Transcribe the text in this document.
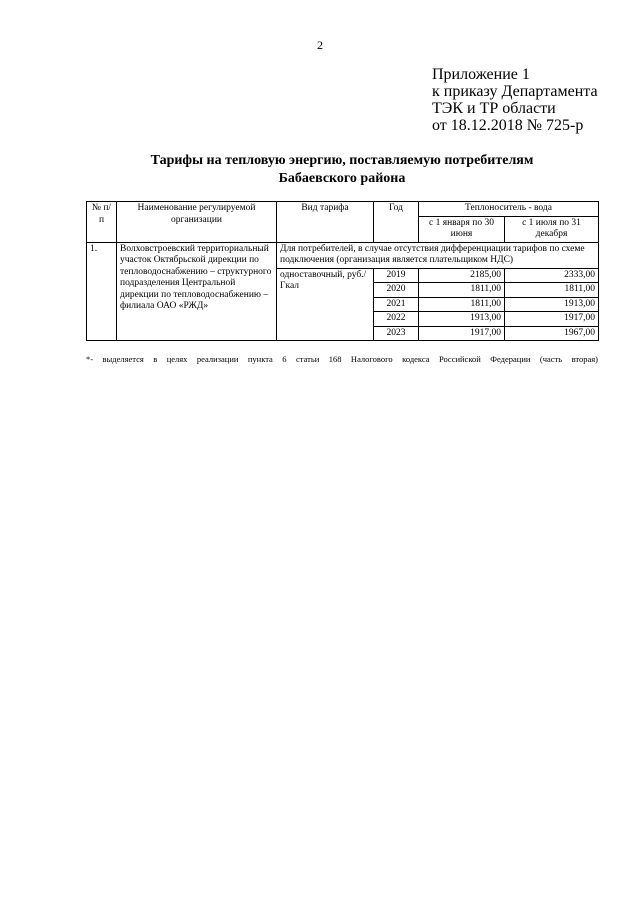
2
Приложение 1
к приказу Департамента
ТЭК и ТР области
от 18.12.2018 № 725-р
Тарифы на тепловую энергию, поставляемую потребителям
Бабаевского района
№ п/п	Наименование регулируемой организации	Вид тарифа	Год	Теплоноситель - вода	
				с 1 января по 30 июня	с 1 июля по 31 декабря
1.	Волховстроевский территориальный участок Октябрьской дирекции по тепловодоснабжению – структурного подразделения Центральной дирекции по тепловодоснабжению – филиала ОАО «РЖД»	Для потребителей, в случае отсутствия дифференциации тарифов по схеме подключения (организация является плательщиком НДС)			
		одноставочный, руб./Гкал	2019	2185,00	2333,00
			2020	1811,00	1811,00
			2021	1811,00	1913,00
			2022	1913,00	1917,00
			2023	1917,00	1967,00
*- выделяется в целях реализации пункта 6 статьи 168 Налогового кодекса Российской Федерации (часть вторая)
